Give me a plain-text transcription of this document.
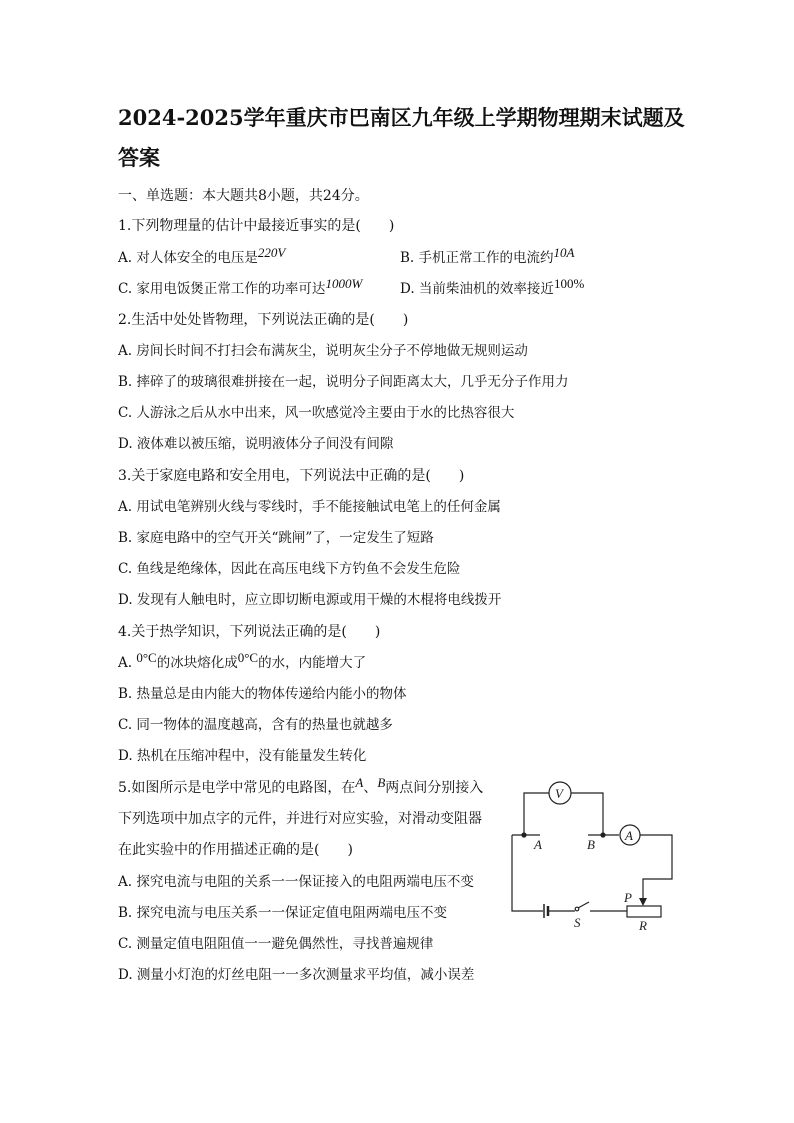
2024-2025学年重庆市巴南区九年级上学期物理期末试题及
答案
一、单选题：本大题共8小题，共24分。
1.下列物理量的估计中最接近事实的是(　　)
A. 对人体安全的电压是220V	B. 手机正常工作的电流约10A
C. 家用电饭煲正常工作的功率可达1000W	D. 当前柴油机的效率接近100%
2.生活中处处皆物理，下列说法正确的是(　　)
A. 房间长时间不打扫会布满灰尘，说明灰尘分子不停地做无规则运动
B. 摔碎了的玻璃很难拼接在一起，说明分子间距离太大，几乎无分子作用力
C. 人游泳之后从水中出来，风一吹感觉冷主要由于水的比热容很大
D. 液体难以被压缩，说明液体分子间没有间隙
3.关于家庭电路和安全用电，下列说法中正确的是(　　)
A. 用试电笔辨别火线与零线时，手不能接触试电笔上的任何金属
B. 家庭电路中的空气开关“跳闸”了，一定发生了短路
C. 鱼线是绝缘体，因此在高压电线下方钓鱼不会发生危险
D. 发现有人触电时，应立即切断电源或用干燥的木棍将电线拨开
4.关于热学知识，下列说法正确的是(　　)
A. 0°C的冰块熔化成0°C的水，内能增大了
B. 热量总是由内能大的物体传递给内能小的物体
C. 同一物体的温度越高，含有的热量也就越多
D. 热机在压缩冲程中，没有能量发生转化
5.如图所示是电学中常见的电路图，在A、B两点间分别接入
下列选项中加点字的元件，并进行对应实验，对滑动变阻器
在此实验中的作用描述正确的是(　　)
A. 探究电流与电阻的关系一一保证接入的电阻两端电压不变
B. 探究电流与电压关系一一保证定值电阻两端电压不变
C. 测量定值电阻阻值一一避免偶然性，寻找普遍规律
D. 测量小灯泡的灯丝电阻一一多次测量求平均值，减小误差
V
A
A	B
P
R
S
